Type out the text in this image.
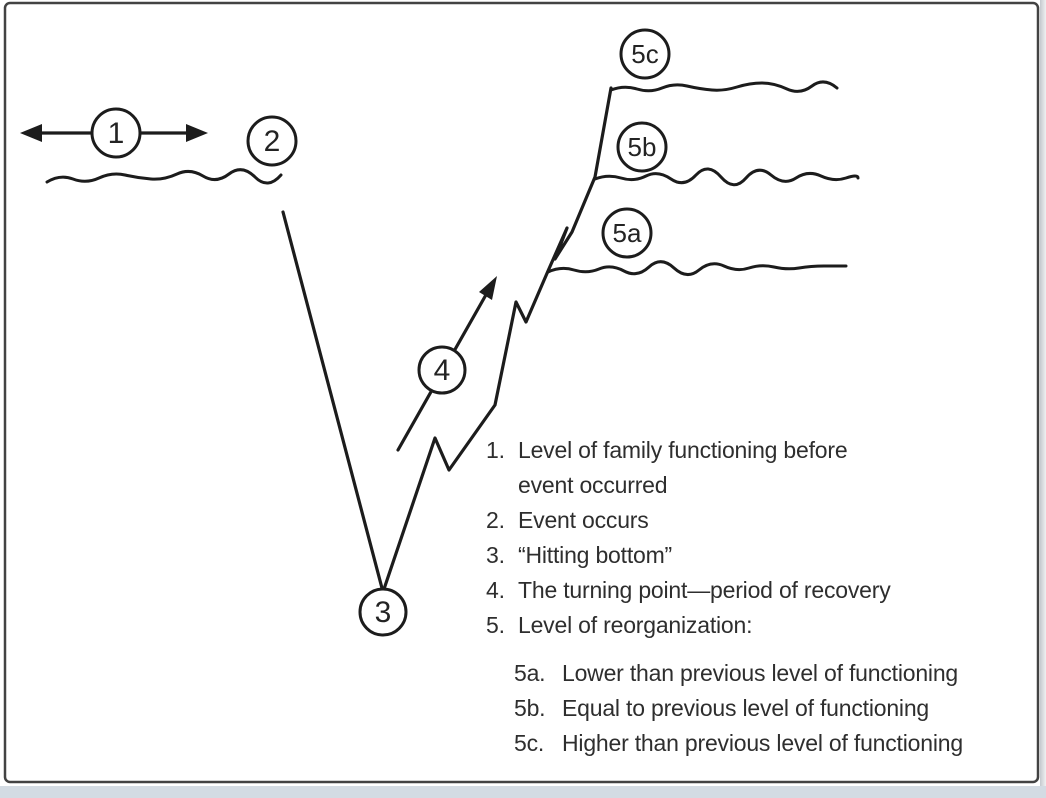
1	2
3
4
5a
5b
5c
1. Level of family functioning before
event occurred
2. Event occurs
3. “Hitting bottom”
4. The turning point—period of recovery
5. Level of reorganization:
5a. Lower than previous level of functioning
5b. Equal to previous level of functioning
5c. Higher than previous level of functioning
